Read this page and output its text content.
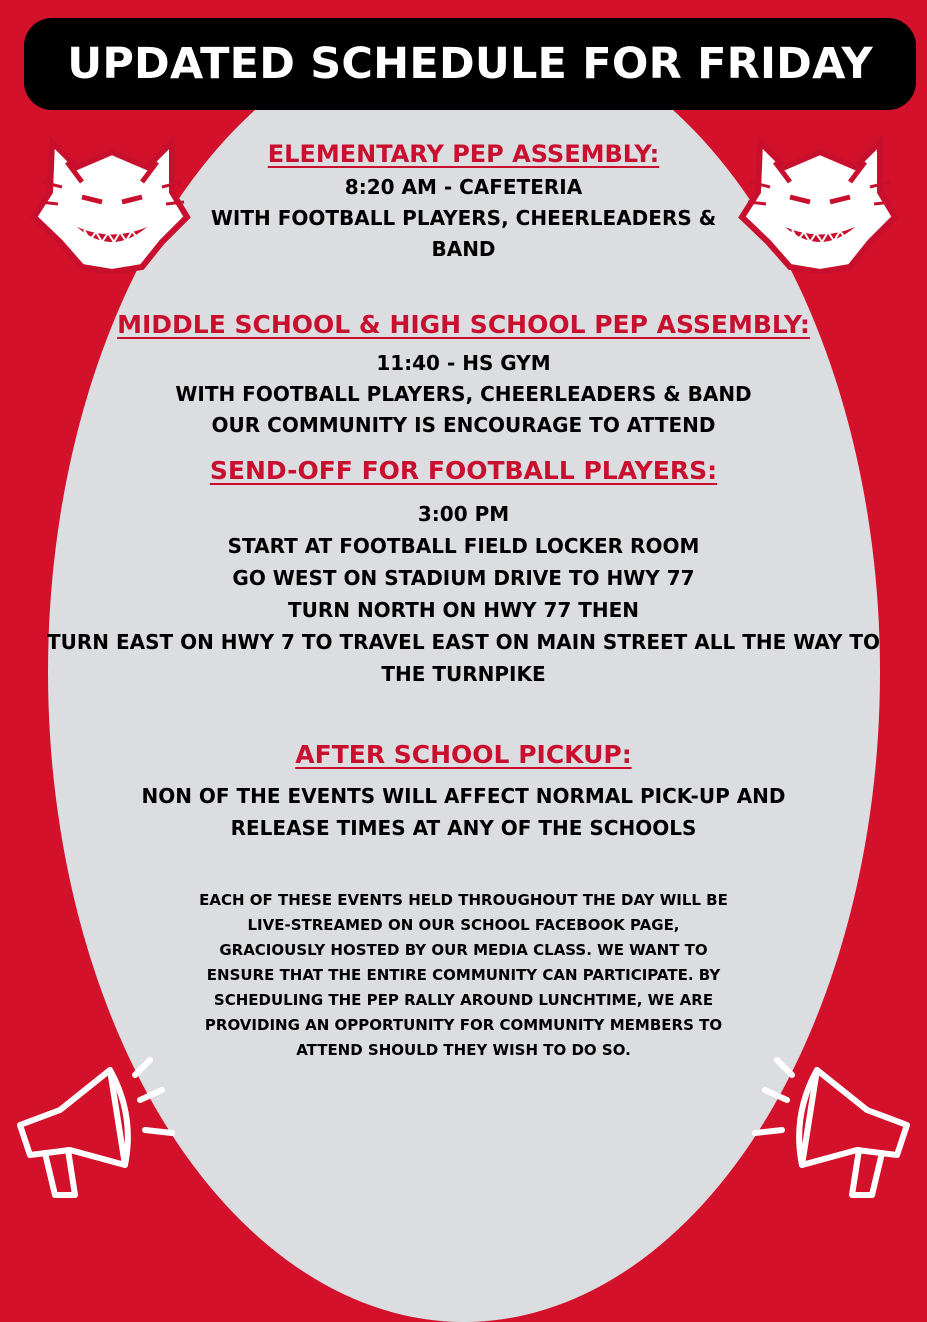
UPDATED SCHEDULE FOR FRIDAY
ELEMENTARY PEP ASSEMBLY:
8:20 AM - CAFETERIA
WITH FOOTBALL PLAYERS, CHEERLEADERS &
BAND
MIDDLE SCHOOL & HIGH SCHOOL PEP ASSEMBLY:
11:40 - HS GYM
WITH FOOTBALL PLAYERS, CHEERLEADERS & BAND
OUR COMMUNITY IS ENCOURAGE TO ATTEND
SEND-OFF FOR FOOTBALL PLAYERS:
3:00 PM
START AT FOOTBALL FIELD LOCKER ROOM
GO WEST ON STADIUM DRIVE TO HWY 77
TURN NORTH ON HWY 77 THEN
TURN EAST ON HWY 7 TO TRAVEL EAST ON MAIN STREET ALL THE WAY TO
THE TURNPIKE
AFTER SCHOOL PICKUP:
NON OF THE EVENTS WILL AFFECT NORMAL PICK-UP AND
RELEASE TIMES AT ANY OF THE SCHOOLS
EACH OF THESE EVENTS HELD THROUGHOUT THE DAY WILL BE
LIVE-STREAMED ON OUR SCHOOL FACEBOOK PAGE,
GRACIOUSLY HOSTED BY OUR MEDIA CLASS. WE WANT TO
ENSURE THAT THE ENTIRE COMMUNITY CAN PARTICIPATE. BY
SCHEDULING THE PEP RALLY AROUND LUNCHTIME, WE ARE
PROVIDING AN OPPORTUNITY FOR COMMUNITY MEMBERS TO
ATTEND SHOULD THEY WISH TO DO SO.
